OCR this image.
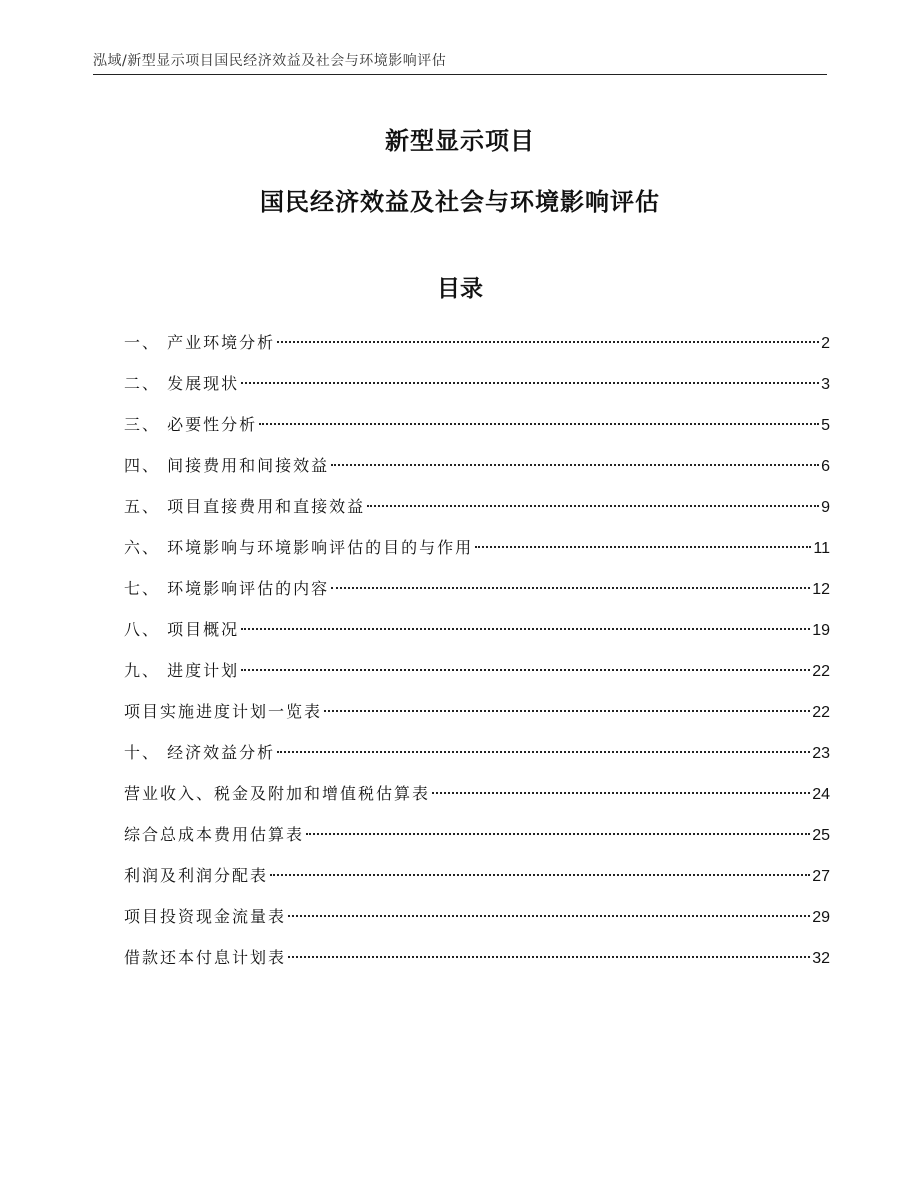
泓域/新型显示项目国民经济效益及社会与环境影响评估
新型显示项目
国民经济效益及社会与环境影响评估
目录
一、 产业环境分析	2
二、 发展现状	3
三、 必要性分析	5
四、 间接费用和间接效益	6
五、 项目直接费用和直接效益	9
六、 环境影响与环境影响评估的目的与作用	11
七、 环境影响评估的内容	12
八、 项目概况	19
九、 进度计划	22
项目实施进度计划一览表	22
十、 经济效益分析	23
营业收入、税金及附加和增值税估算表	24
综合总成本费用估算表	25
利润及利润分配表	27
项目投资现金流量表	29
借款还本付息计划表	32
